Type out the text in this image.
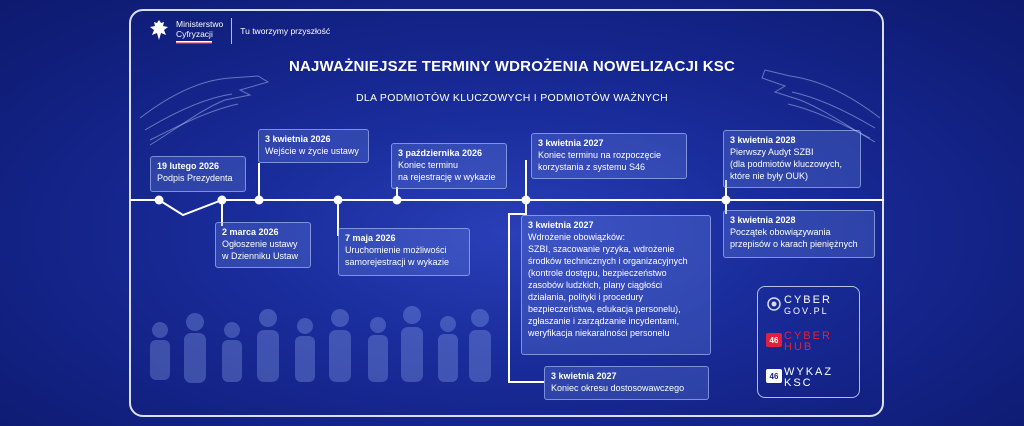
Ministerstwo
Cyfryzacji	Tu tworzymy przyszłość
NAJWAŻNIEJSZE TERMINY WDROŻENIA NOWELIZACJI KSC
DLA PODMIOTÓW KLUCZOWYCH I PODMIOTÓW WAŻNYCH
19 lutego 2026
Podpis Prezydenta
2 marca 2026
Ogłoszenie ustawy
w Dzienniku Ustaw
3 kwietnia 2026
Wejście w życie ustawy
7 maja 2026
Uruchomienie możliwości
samorejestracji w wykazie
3 października 2026
Koniec terminu
na rejestrację w wykazie
3 kwietnia 2027
Koniec terminu na rozpoczęcie
korzystania z systemu S46
3 kwietnia 2027
Wdrożenie obowiązków:
SZBI, szacowanie ryzyka, wdrożenie
środków technicznych i organizacyjnych
(kontrole dostępu, bezpieczeństwo
zasobów ludzkich, plany ciągłości
działania, polityki i procedury
bezpieczeństwa, edukacja personelu),
zgłaszanie i zarządzanie incydentami,
weryfikacja niekaralności personelu
3 kwietnia 2027
Koniec okresu dostosowawczego
3 kwietnia 2028
Pierwszy Audyt SZBI
(dla podmiotów kluczowych,
które nie były OUK)
3 kwietnia 2028
Początek obowiązywania
przepisów o karach pieniężnych
CYBER
GOV.PL
46 CYBER
HUB
46 WYKAZ
KSC
